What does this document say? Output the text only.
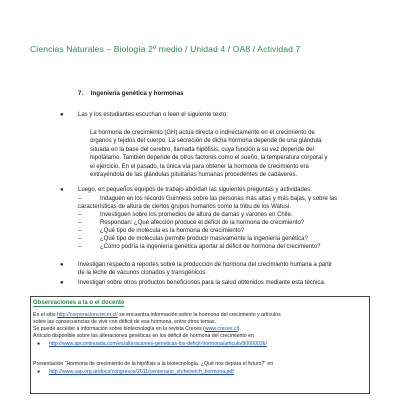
Ciencias Naturales – Biología 2º medio / Unidad 4 / OA8 / Actividad 7
7. Ingeniería genética y hormonas
● Las y los estudiantes escuchan o leen el siguiente texto:
La hormona de crecimiento (GH) actúa directa o indirectamente en el crecimiento de
órganos y tejidos del cuerpo. La secreción de dicha hormona depende de una glándula
situada en la base del cerebro, llamada hipófisis, cuya función a su vez depende del
hipotálamo. También depende de otros factores como el sueño, la temperatura corporal y
el ejercicio. En el pasado, la única vía para obtener la hormona de crecimiento era
extrayéndola de las glándulas pituitarias humanas procedentes de cadáveres.
● Luego, en pequeños equipos de trabajo abordan las siguientes preguntas y actividades:
–	Indaguen en los récords Guinness sobre las personas más altas y más bajas, y sobre las
características de altura de ciertos grupos humanos como la tribu de los Watusi.
–	Investiguen sobre los promedios de altura de damas y varones en Chile.
–	Respondan: ¿Qué afección produce el déficit de la hormona de crecimiento?
–	¿Qué tipo de molécula es la hormona de crecimiento?
–	¿Qué tipo de moléculas permite producir masivamente la ingeniería genética?
–	¿Cómo podría la ingeniería genética aportar al déficit de hormona del crecimiento?
● Investigan respecto a reportes sobre la producción de hormona del crecimiento humana a partir
de la leche de vacunos clonados y transgénicos.
● Investigan sobre otros productos beneficiosos para la salud obtenidos mediante esta técnica.
Observaciones a la o el docente
En el sitio http://corporacioncrecer.cl/ se encuentra información sobre la hormona del crecimiento y artículos
sobre las consecuencias de vivir con déficit de esa hormona, entre otros temas.
Se puede acceder a información sobre biotecnología en la revista Creces (www.creces.cl).
Artículo disponible sobre las alteraciones genéticas en los déficit de hormona del crecimiento en
● http://www.apcontinuada.com/es/alteraciones-geneticas-los-deficit-hormona/articulo/80000036/
Presentación “Hormona de crecimiento de la hipófisis a la biotecnología. ¿Qué nos depara el futuro?” en
● http://www.sap.org.ar/docs/congresos/2011/centenario_sh/heinrich_hormona.pdf
